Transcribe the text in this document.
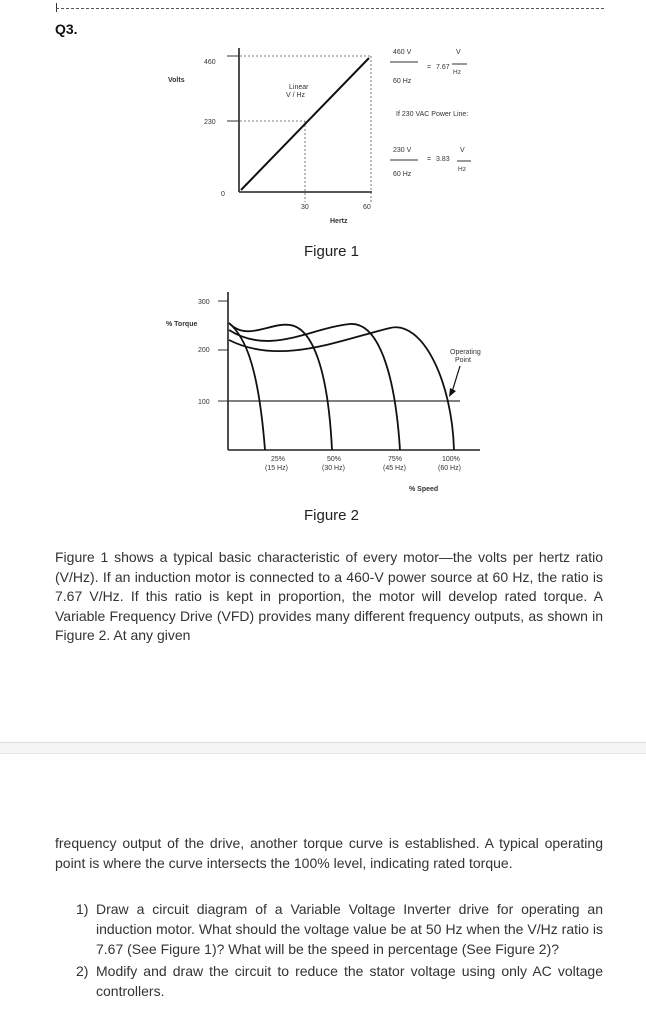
Q3.
Volts
460
230
0
Linear
V / Hz
30	60
Hertz
460 V
60 Hz
= 7.67
V
Hz
If 230 VAC Power Line:
230 V
60 Hz
= 3.83
V
Hz
Figure 1
300
% Torque
200
100
Operating
Point
25%
(15 Hz)
50%
(30 Hz)
75%
(45 Hz)
100%
(60 Hz)
% Speed
Figure 2

Figure 1 shows a typical basic characteristic of every motor—the volts per hertz ratio (V/Hz). If an induction motor is connected to a 460-V power source at 60 Hz, the ratio is 7.67 V/Hz. If this ratio is kept in proportion, the motor will develop rated torque. A Variable Frequency Drive (VFD) provides many different frequency outputs, as shown in Figure 2. At any given

frequency output of the drive, another torque curve is established. A typical operating point is where the curve intersects the 100% level, indicating rated torque.

1) Draw a circuit diagram of a Variable Voltage Inverter drive for operating an induction motor. What should the voltage value be at 50 Hz when the V/Hz ratio is 7.67 (See Figure 1)? What will be the speed in percentage (See Figure 2)?
2) Modify and draw the circuit to reduce the stator voltage using only AC voltage controllers.
